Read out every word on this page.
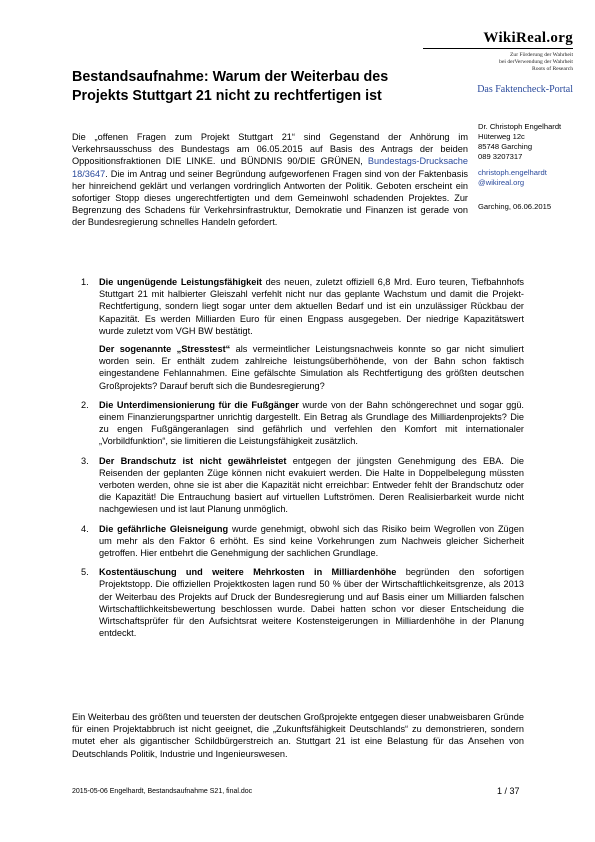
WikiReal.org
Zur Förderung der Wahrheit
bei derVerwendung der Wahrheit
Roots of Research
Das Faktencheck-Portal
Bestandsaufnahme: Warum der Weiterbau des Projekts Stuttgart 21 nicht zu rechtfertigen ist
Dr. Christoph Engelhardt
Hüterweg 12c
85748 Garching
089 3207317
christoph.engelhardt
@wikireal.org
Garching, 06.06.2015
Die „offenen Fragen zum Projekt Stuttgart 21“ sind Gegenstand der Anhörung im Verkehrsausschuss des Bundestags am 06.05.2015 auf Basis des Antrags der beiden Oppositionsfraktionen DIE LINKE. und BÜNDNIS 90/DIE GRÜNEN, Bundestags-Drucksache 18/3647. Die im Antrag und seiner Begründung aufgeworfenen Fragen sind von der Faktenbasis her hinreichend geklärt und verlangen vordringlich Antworten der Politik. Geboten erscheint ein sofortiger Stopp dieses ungerechtfertigten und dem Gemeinwohl schadenden Projektes. Zur Begrenzung des Schadens für Verkehrsinfrastruktur, Demokratie und Finanzen ist gerade von der Bundesregierung schnelles Handeln gefordert.
1. Die ungenügende Leistungsfähigkeit des neuen, zuletzt offiziell 6,8 Mrd. Euro teuren, Tiefbahnhofs Stuttgart 21 mit halbierter Gleiszahl verfehlt nicht nur das geplante Wachstum und damit die Projekt-Rechtfertigung, sondern liegt sogar unter dem aktuellen Bedarf und ist ein unzulässiger Rückbau der Kapazität. Es werden Milliarden Euro für einen Engpass ausgegeben. Der niedrige Kapazitätswert wurde zuletzt vom VGH BW bestätigt.

Der sogenannte „Stresstest“ als vermeintlicher Leistungsnachweis konnte so gar nicht simuliert worden sein. Er enthält zudem zahlreiche leistungsüberhöhende, von der Bahn schon faktisch eingestandene Fehlannahmen. Eine gefälschte Simulation als Rechtfertigung des größten deutschen Großprojekts? Darauf beruft sich die Bundesregierung?

2. Die Unterdimensionierung für die Fußgänger wurde von der Bahn schöngerechnet und sogar ggü. einem Finanzierungspartner unrichtig dargestellt. Ein Betrag als Grundlage des Milliardenprojekts? Die zu engen Fußgängeranlagen sind gefährlich und verfehlen den Komfort mit internationaler „Vorbildfunktion“, sie limitieren die Leistungsfähigkeit zusätzlich.

3. Der Brandschutz ist nicht gewährleistet entgegen der jüngsten Genehmigung des EBA. Die Reisenden der geplanten Züge können nicht evakuiert werden. Die Halte in Doppelbelegung müssten verboten werden, ohne sie ist aber die Kapazität nicht erreichbar: Entweder fehlt der Brandschutz oder die Kapazität! Die Entrauchung basiert auf virtuellen Luftströmen. Deren Realisierbarkeit wurde nicht nachgewiesen und ist laut Planung unmöglich.

4. Die gefährliche Gleisneigung wurde genehmigt, obwohl sich das Risiko beim Wegrollen von Zügen um mehr als den Faktor 6 erhöht. Es sind keine Vorkehrungen zum Nachweis gleicher Sicherheit getroffen. Hier entbehrt die Genehmigung der sachlichen Grundlage.

5. Kostentäuschung und weitere Mehrkosten in Milliardenhöhe begründen den sofortigen Projektstopp. Die offiziellen Projektkosten lagen rund 50 % über der Wirtschaftlichkeitsgrenze, als 2013 der Weiterbau des Projekts auf Druck der Bundesregierung und auf Basis einer um Milliarden falschen Wirtschaftlichkeitsbewertung beschlossen wurde. Dabei hatten schon vor dieser Entscheidung die Wirtschaftsprüfer für den Aufsichtsrat weitere Kostensteigerungen in Milliardenhöhe in der Planung entdeckt.

Ein Weiterbau des größten und teuersten der deutschen Großprojekte entgegen dieser unabweisbaren Gründe für einen Projektabbruch ist nicht geeignet, die „Zukunftsfähigkeit Deutschlands“ zu demonstrieren, sondern mutet eher als gigantischer Schildbürgerstreich an. Stuttgart 21 ist eine Belastung für das Ansehen von Deutschlands Politik, Industrie und Ingenieurswesen.
2015-05-06 Engelhardt, Bestandsaufnahme S21, final.doc	1 / 37
